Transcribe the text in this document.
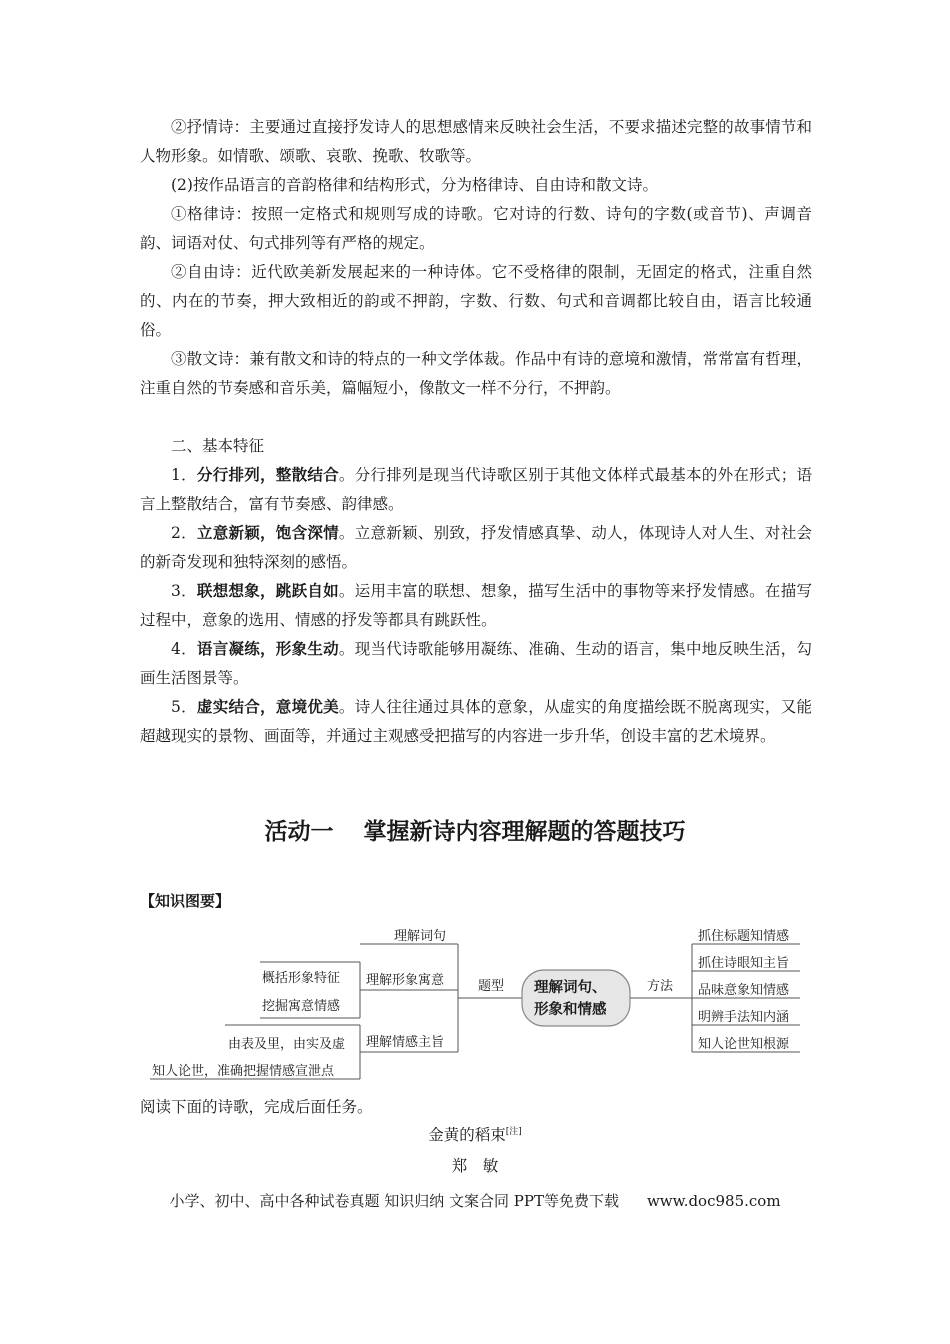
②抒情诗：主要通过直接抒发诗人的思想感情来反映社会生活，不要求描述完整的故事情节和人物形象。如情歌、颂歌、哀歌、挽歌、牧歌等。

(2)按作品语言的音韵格律和结构形式，分为格律诗、自由诗和散文诗。

①格律诗：按照一定格式和规则写成的诗歌。它对诗的行数、诗句的字数(或音节)、声调音韵、词语对仗、句式排列等有严格的规定。

②自由诗：近代欧美新发展起来的一种诗体。它不受格律的限制，无固定的格式，注重自然的、内在的节奏，押大致相近的韵或不押韵，字数、行数、句式和音调都比较自由，语言比较通俗。

③散文诗：兼有散文和诗的特点的一种文学体裁。作品中有诗的意境和激情，常常富有哲理，注重自然的节奏感和音乐美，篇幅短小，像散文一样不分行，不押韵。

二、基本特征

1．分行排列，整散结合。分行排列是现当代诗歌区别于其他文体样式最基本的外在形式；语言上整散结合，富有节奏感、韵律感。

2．立意新颖，饱含深情。立意新颖、别致，抒发情感真挚、动人，体现诗人对人生、对社会的新奇发现和独特深刻的感悟。

3．联想想象，跳跃自如。运用丰富的联想、想象，描写生活中的事物等来抒发情感。在描写过程中，意象的选用、情感的抒发等都具有跳跃性。

4．语言凝练，形象生动。现当代诗歌能够用凝练、准确、生动的语言，集中地反映生活，勾画生活图景等。

5．虚实结合，意境优美。诗人往往通过具体的意象，从虚实的角度描绘既不脱离现实，又能超越现实的景物、画面等，并通过主观感受把描写的内容进一步升华，创设丰富的艺术境界。

活动一 掌握新诗内容理解题的答题技巧
【知识图要】
理解词句
理解形象寓意
理解情感主旨
概括形象特征
挖掘寓意情感
由表及里，由实及虚
知人论世，准确把握情感宣泄点
题型	方法
理解词句、
形象和情感
抓住标题知情感
抓住诗眼知主旨
品味意象知情感
明辨手法知内涵
知人论世知根源
阅读下面的诗歌，完成后面任务。
金黄的稻束[注]
郑　敏
小学、初中、高中各种试卷真题 知识归纳 文案合同 PPT等免费下载 www.doc985.com
